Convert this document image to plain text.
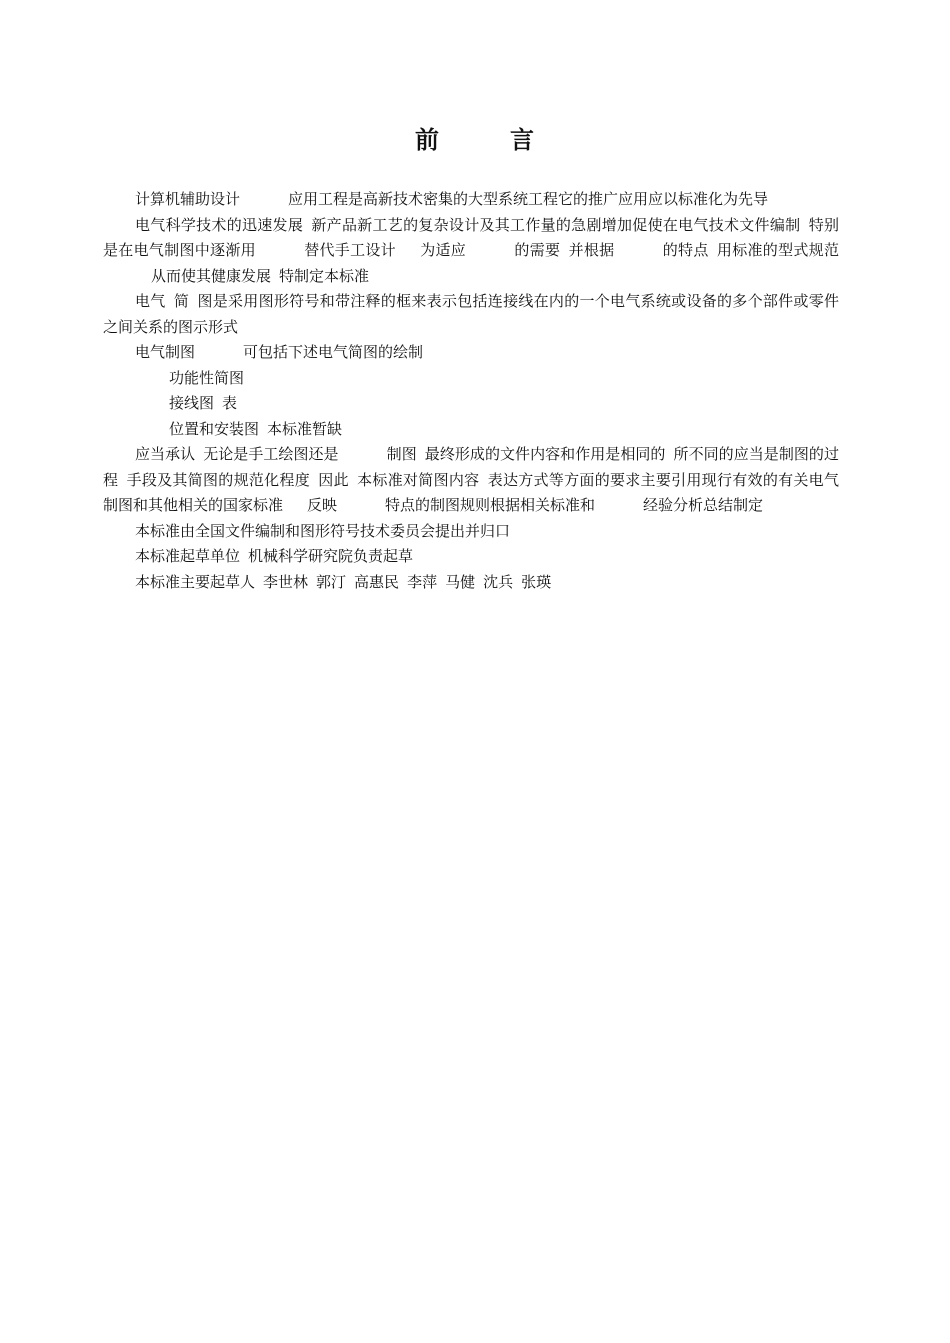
前	言

计算机辅助设计	应用工程是高新技术密集的大型系统工程它的推广应用应以标准化为先导

电气科学技术的迅速发展 新产品新工艺的复杂设计及其工作量的急剧增加促使在电气技术文件编制 特别是在电气制图中逐渐用	替代手工设计 为适应	的需要 并根据	的特点 用标准的型式规范从而使其健康发展 特制定本标准

电气 简 图是采用图形符号和带注释的框来表示包括连接线在内的一个电气系统或设备的多个部件或零件之间关系的图示形式

电气制图	可包括下述电气简图的绘制

功能性简图

接线图 表

位置和安装图 本标准暂缺

应当承认 无论是手工绘图还是	制图 最终形成的文件内容和作用是相同的 所不同的应当是制图的过程 手段及其简图的规范化程度 因此 本标准对简图内容 表达方式等方面的要求主要引用现行有效的有关电气制图和其他相关的国家标准 反映	特点的制图规则根据相关标准和	经验分析总结制定

本标准由全国文件编制和图形符号技术委员会提出并归口

本标准起草单位 机械科学研究院负责起草

本标准主要起草人 李世林 郭汀 高惠民 李萍 马健 沈兵 张瑛
